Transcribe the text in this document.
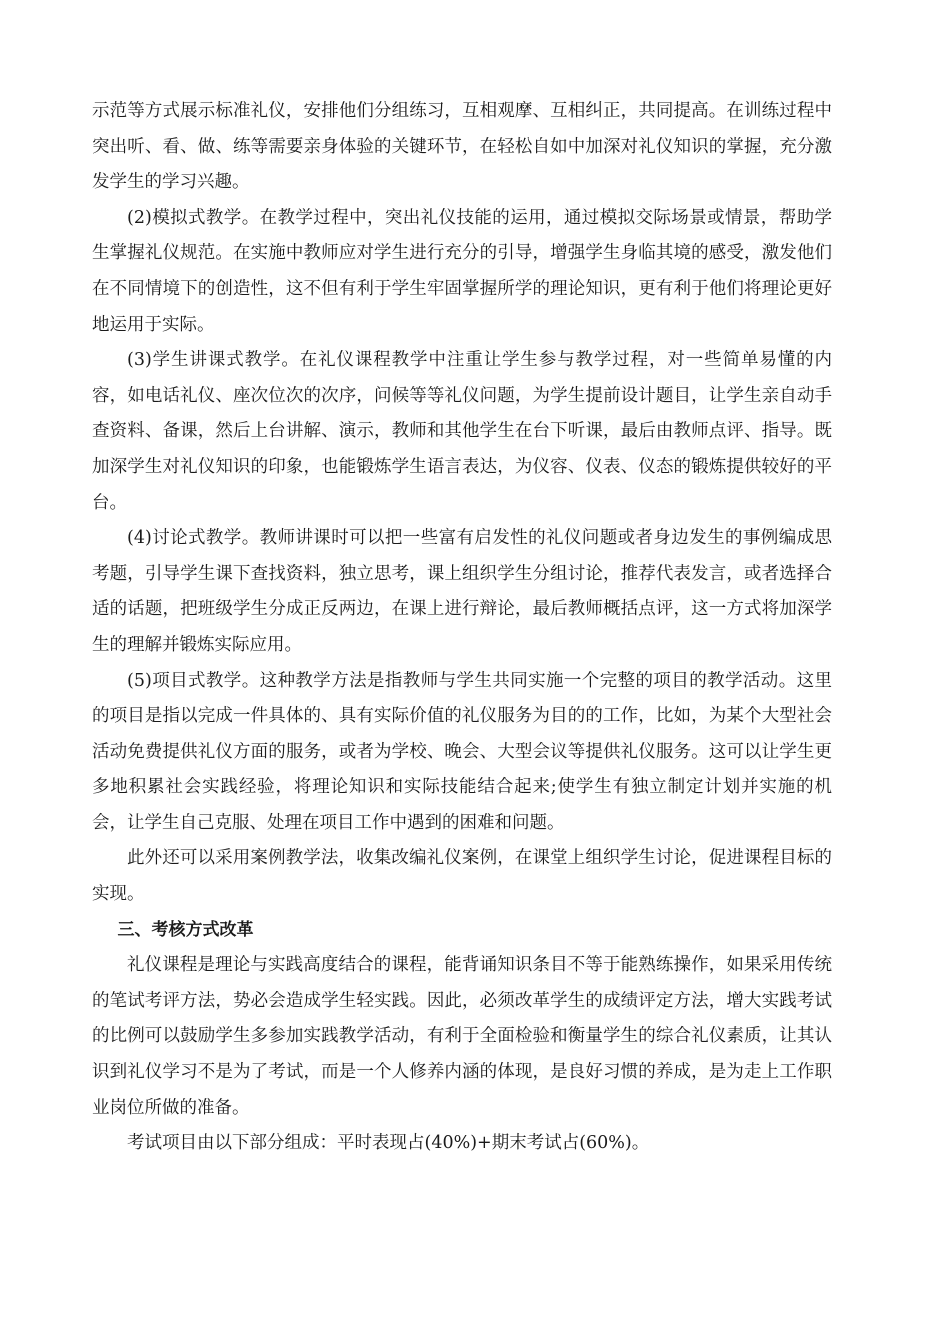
示范等方式展示标准礼仪，安排他们分组练习，互相观摩、互相纠正，共同提高。在训练过程中突出听、看、做、练等需要亲身体验的关键环节，在轻松自如中加深对礼仪知识的掌握，充分激发学生的学习兴趣。

(2)模拟式教学。在教学过程中，突出礼仪技能的运用，通过模拟交际场景或情景，帮助学生掌握礼仪规范。在实施中教师应对学生进行充分的引导，增强学生身临其境的感受，激发他们在不同情境下的创造性，这不但有利于学生牢固掌握所学的理论知识，更有利于他们将理论更好地运用于实际。

(3)学生讲课式教学。在礼仪课程教学中注重让学生参与教学过程，对一些简单易懂的内容，如电话礼仪、座次位次的次序，问候等等礼仪问题，为学生提前设计题目，让学生亲自动手查资料、备课，然后上台讲解、演示，教师和其他学生在台下听课，最后由教师点评、指导。既加深学生对礼仪知识的印象，也能锻炼学生语言表达，为仪容、仪表、仪态的锻炼提供较好的平台。

(4)讨论式教学。教师讲课时可以把一些富有启发性的礼仪问题或者身边发生的事例编成思考题，引导学生课下查找资料，独立思考，课上组织学生分组讨论，推荐代表发言，或者选择合适的话题，把班级学生分成正反两边，在课上进行辩论，最后教师概括点评，这一方式将加深学生的理解并锻炼实际应用。

(5)项目式教学。这种教学方法是指教师与学生共同实施一个完整的项目的教学活动。这里的项目是指以完成一件具体的、具有实际价值的礼仪服务为目的的工作，比如，为某个大型社会活动免费提供礼仪方面的服务，或者为学校、晚会、大型会议等提供礼仪服务。这可以让学生更多地积累社会实践经验，将理论知识和实际技能结合起来;使学生有独立制定计划并实施的机会，让学生自己克服、处理在项目工作中遇到的困难和问题。

此外还可以采用案例教学法，收集改编礼仪案例，在课堂上组织学生讨论，促进课程目标的实现。

三、考核方式改革

礼仪课程是理论与实践高度结合的课程，能背诵知识条目不等于能熟练操作，如果采用传统的笔试考评方法，势必会造成学生轻实践。因此，必须改革学生的成绩评定方法，增大实践考试的比例可以鼓励学生多参加实践教学活动，有利于全面检验和衡量学生的综合礼仪素质，让其认识到礼仪学习不是为了考试，而是一个人修养内涵的体现，是良好习惯的养成，是为走上工作职业岗位所做的准备。

考试项目由以下部分组成：平时表现占(40%)+期末考试占(60%)。
